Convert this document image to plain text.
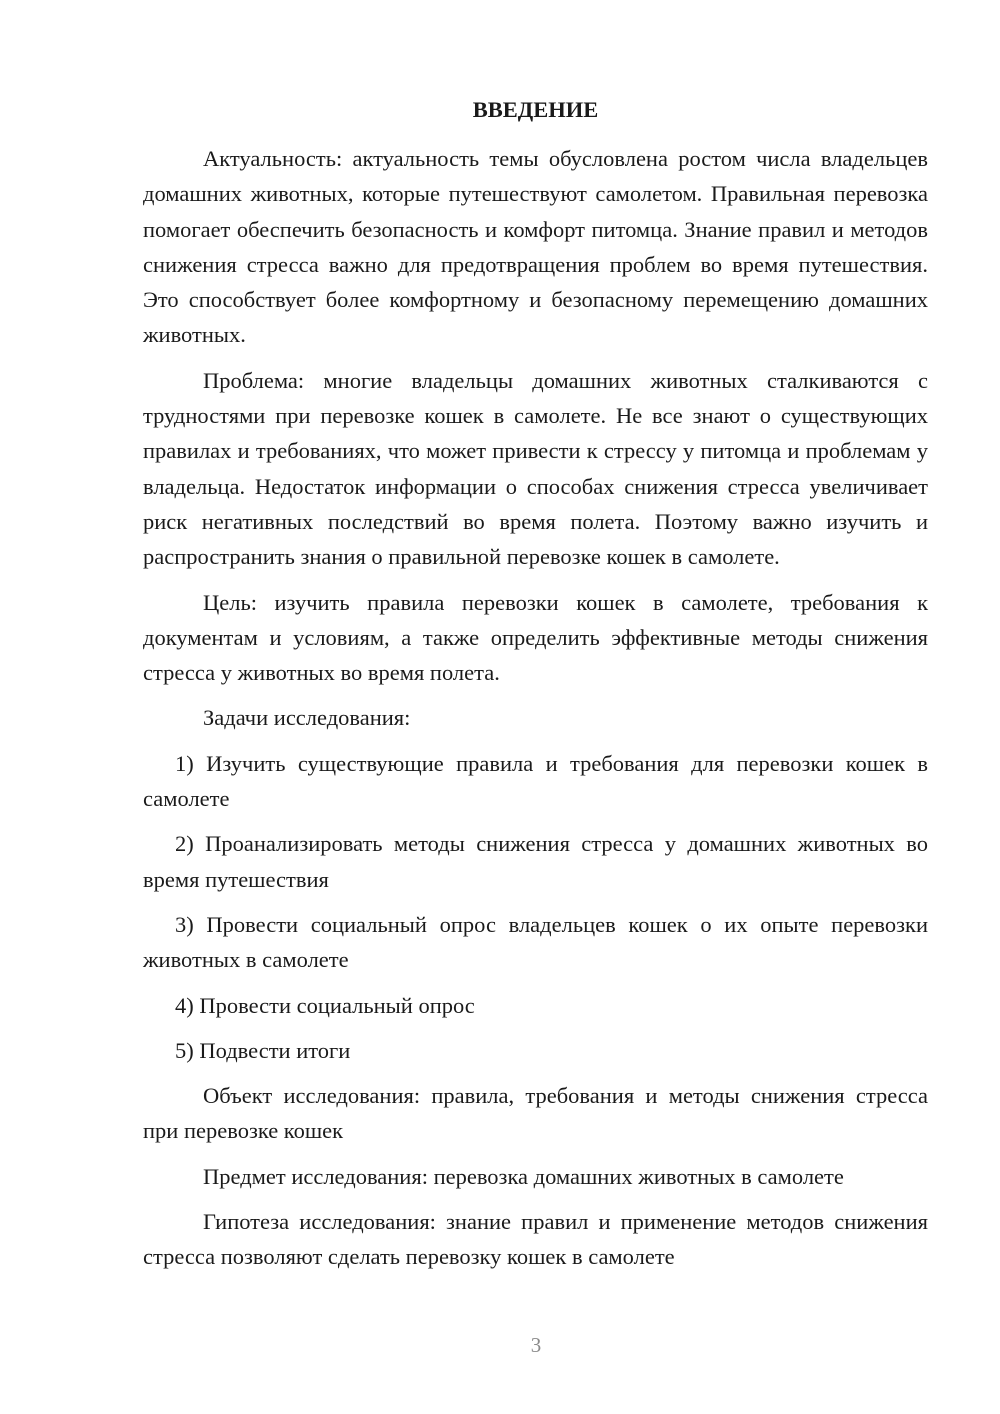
ВВЕДЕНИЕ

Актуальность: актуальность темы обусловлена ростом числа владельцев домашних животных, которые путешествуют самолетом. Правильная перевозка помогает обеспечить безопасность и комфорт питомца. Знание правил и методов снижения стресса важно для предотвращения проблем во время путешествия. Это способствует более комфортному и безопасному перемещению домашних животных.

Проблема: многие владельцы домашних животных сталкиваются с трудностями при перевозке кошек в самолете. Не все знают о существующих правилах и требованиях, что может привести к стрессу у питомца и проблемам у владельца. Недостаток информации о способах снижения стресса увеличивает риск негативных последствий во время полета. Поэтому важно изучить и распространить знания о правильной перевозке кошек в самолете.

Цель: изучить правила перевозки кошек в самолете, требования к документам и условиям, а также определить эффективные методы снижения стресса у животных во время полета.

Задачи исследования:

1) Изучить существующие правила и требования для перевозки кошек в самолете

2) Проанализировать методы снижения стресса у домашних животных во время путешествия

3) Провести социальный опрос владельцев кошек о их опыте перевозки животных в самолете

4) Провести социальный опрос

5) Подвести итоги

Объект исследования: правила, требования и методы снижения стресса при перевозке кошек

Предмет исследования: перевозка домашних животных в самолете

Гипотеза исследования: знание правил и применение методов снижения стресса позволяют сделать перевозку кошек в самолете

3
